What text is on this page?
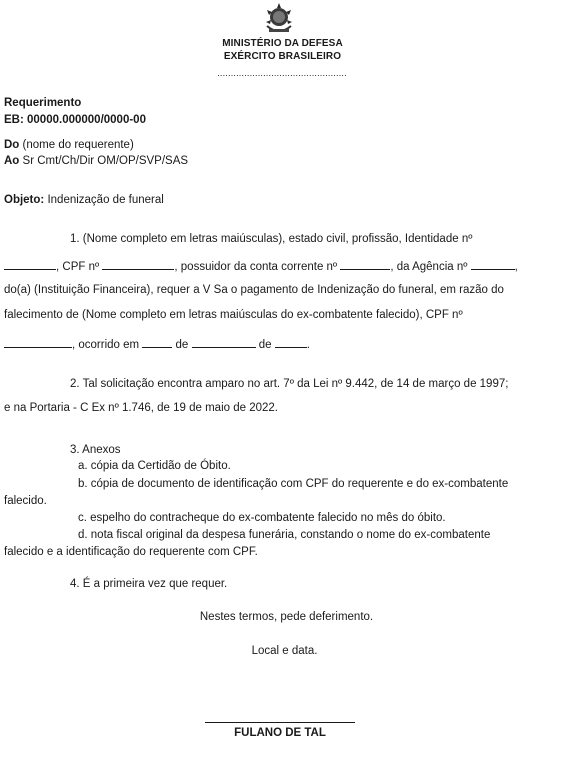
MINISTÉRIO DA DEFESA
EXÉRCITO BRASILEIRO
................................................
Requerimento
EB: 00000.000000/0000-00
Do (nome do requerente)
Ao Sr Cmt/Ch/Dir OM/OP/SVP/SAS
Objeto: Indenização de funeral
1. (Nome completo em letras maiúsculas), estado civil, profissão, Identidade nº
, CPF nº	, possuidor da conta corrente nº	, da Agência nº	,
do(a) (Instituição Financeira), requer a V Sa o pagamento de Indenização do funeral, em razão do
falecimento de (Nome completo em letras maiúsculas do ex-combatente falecido), CPF nº
, ocorrido em	de	de	.
2. Tal solicitação encontra amparo no art. 7º da Lei nº 9.442, de 14 de março de 1997;
e na Portaria - C Ex nº 1.746, de 19 de maio de 2022.
3. Anexos
a. cópia da Certidão de Óbito.
b. cópia de documento de identificação com CPF do requerente e do ex-combatente
falecido.
c. espelho do contracheque do ex-combatente falecido no mês do óbito.
d. nota fiscal original da despesa funerária, constando o nome do ex-combatente
falecido e a identificação do requerente com CPF.
4. É a primeira vez que requer.
Nestes termos, pede deferimento.
Local e data.
FULANO DE TAL
